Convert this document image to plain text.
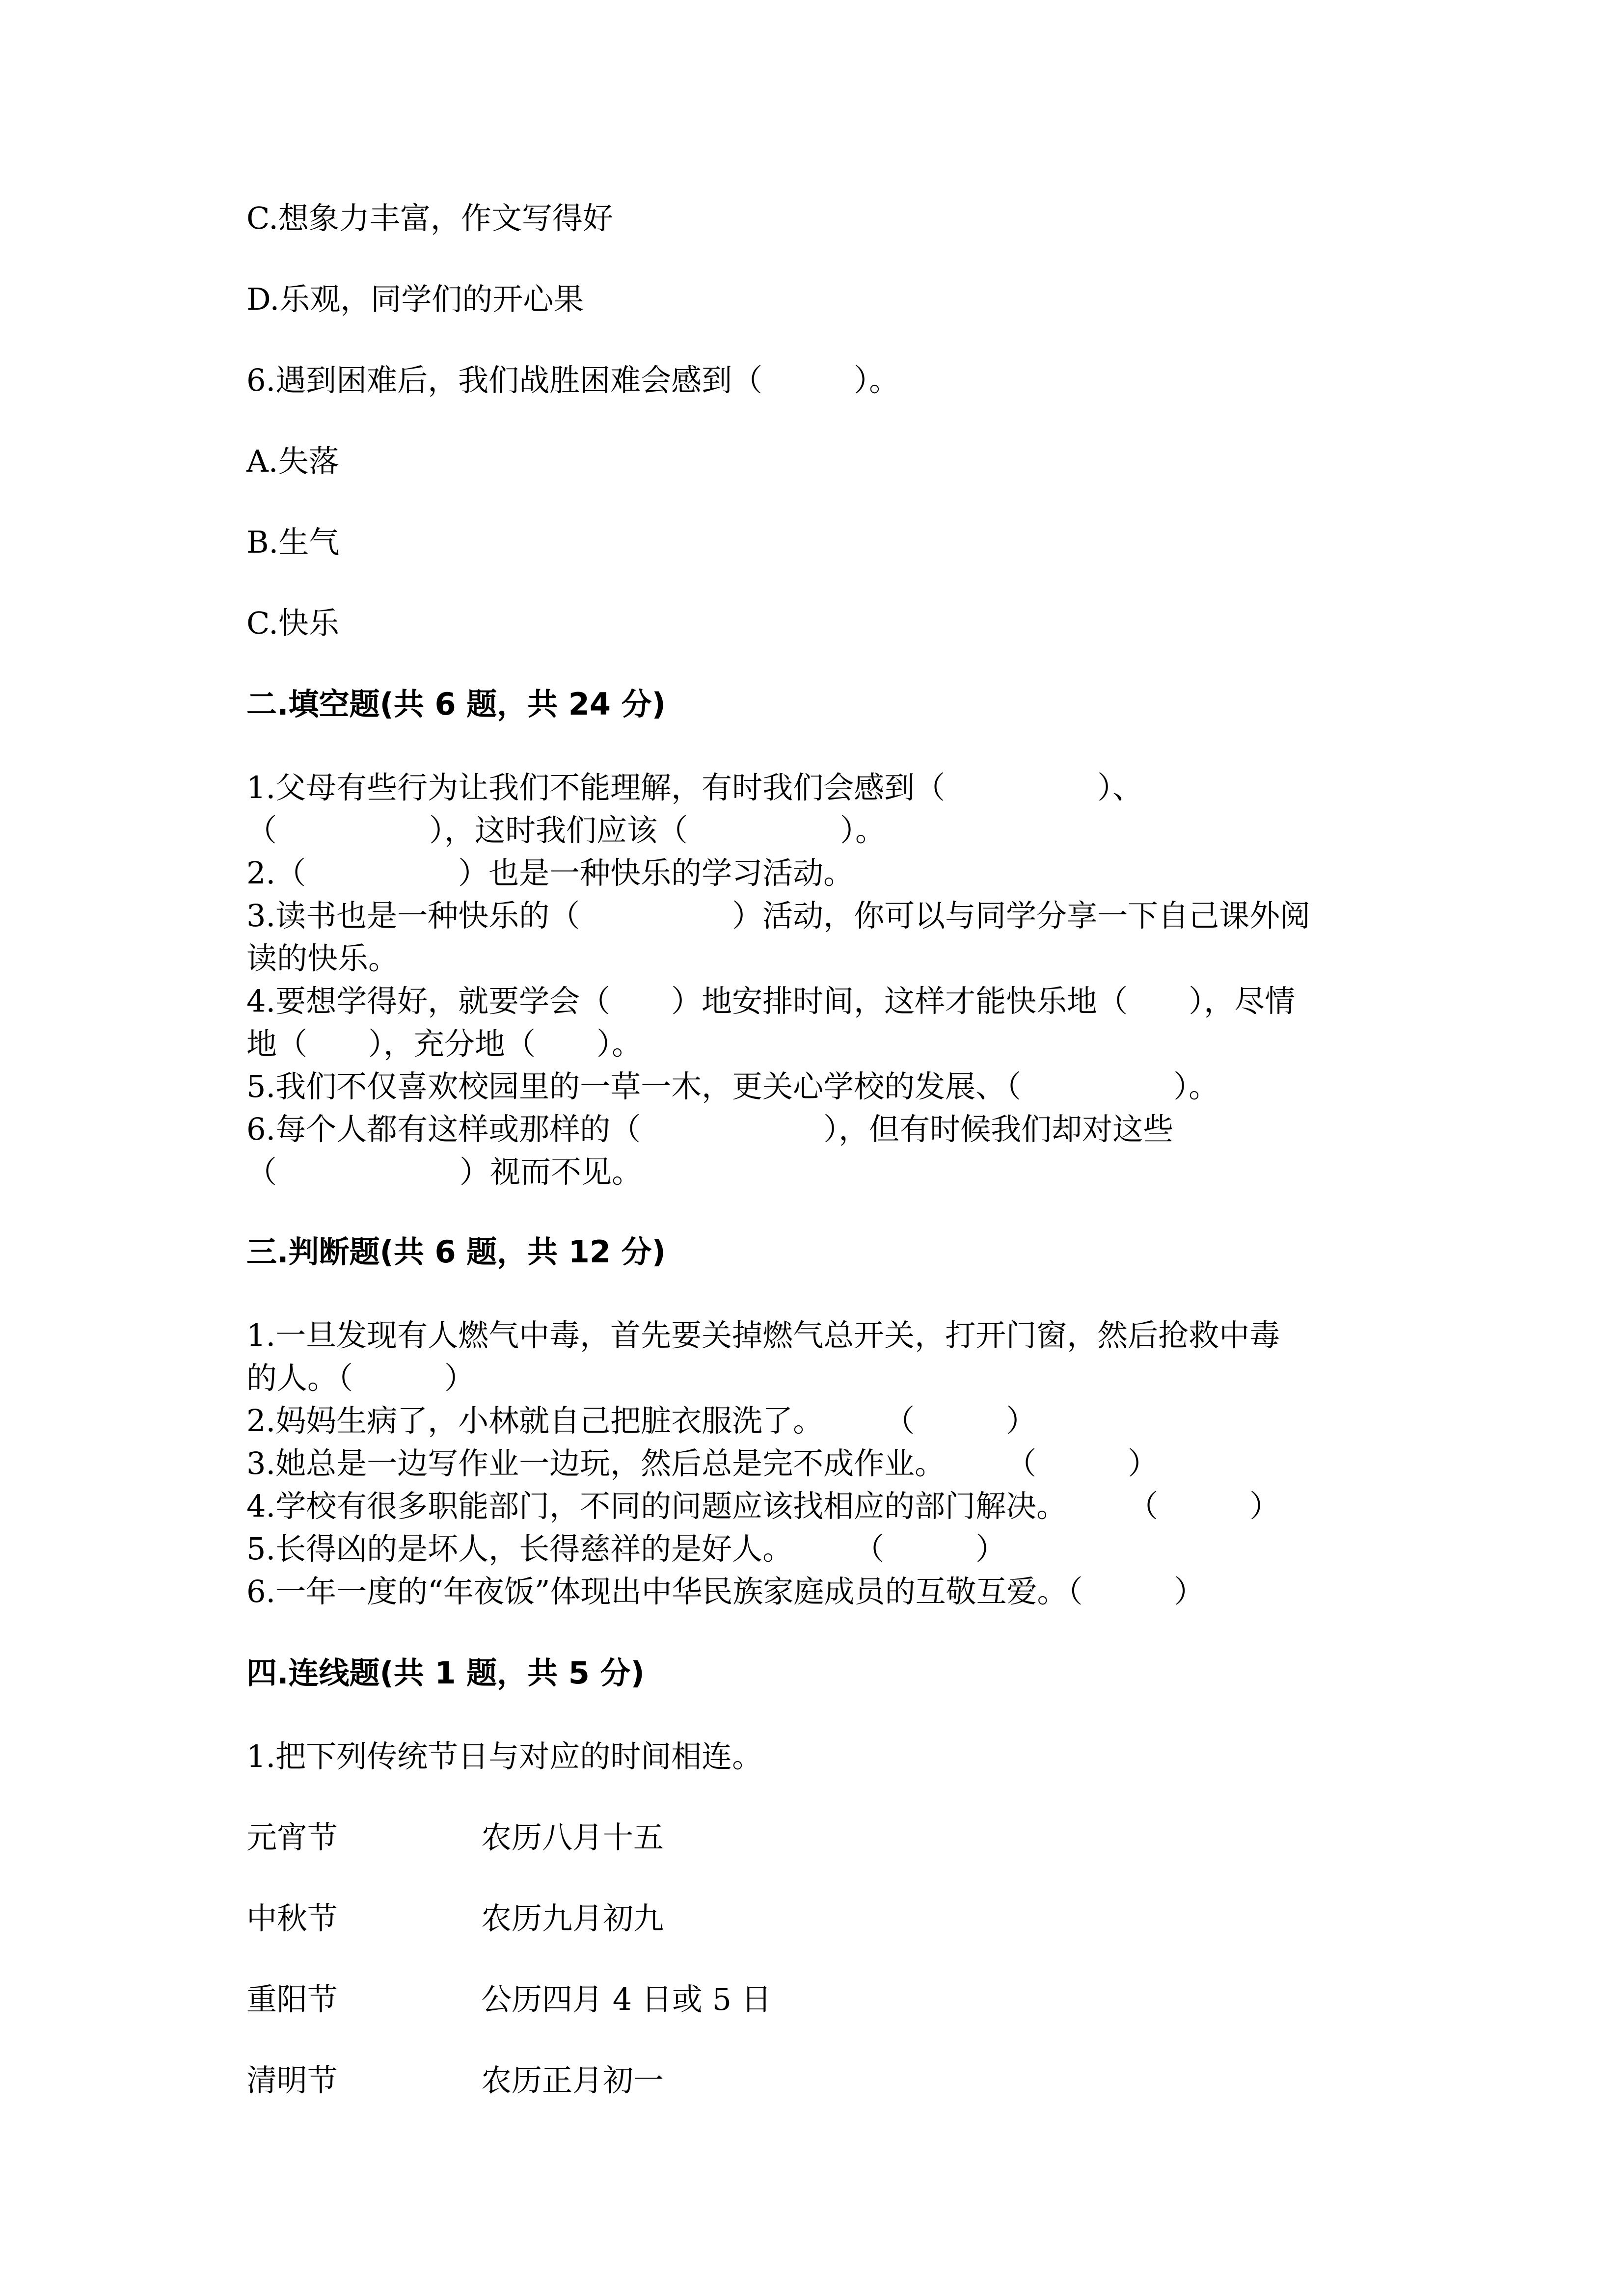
C.想象力丰富，作文写得好
D.乐观，同学们的开心果
6.遇到困难后，我们战胜困难会感到（　　　）。
A.失落
B.生气
C.快乐
二.填空题(共 6 题，共 24 分)
1.父母有些行为让我们不能理解，有时我们会感到（　　　　　）、
（　　　　　），这时我们应该（　　　　　）。
2.（　　　　　）也是一种快乐的学习活动。
3.读书也是一种快乐的（　　　　　）活动，你可以与同学分享一下自己课外阅
读的快乐。
4.要想学得好，就要学会（　　）地安排时间，这样才能快乐地（　　），尽情
地（　　），充分地（　　）。
5.我们不仅喜欢校园里的一草一木，更关心学校的发展、（　　　　　）。
6.每个人都有这样或那样的（　　　　　　），但有时候我们却对这些
（　　　　　　）视而不见。
三.判断题(共 6 题，共 12 分)
1.一旦发现有人燃气中毒，首先要关掉燃气总开关，打开门窗，然后抢救中毒
的人。（　　　）
2.妈妈生病了，小林就自己把脏衣服洗了。　　　（　　　）
3.她总是一边写作业一边玩，然后总是完不成作业。　　　（　　　）
4.学校有很多职能部门，不同的问题应该找相应的部门解决。　　　（　　　）
5.长得凶的是坏人，长得慈祥的是好人。　　　（　　　）
6.一年一度的“年夜饭”体现出中华民族家庭成员的互敬互爱。（　　　）
四.连线题(共 1 题，共 5 分)
1.把下列传统节日与对应的时间相连。
元宵节	农历八月十五
中秋节	农历九月初九
重阳节	公历四月 4 日或 5 日
清明节	农历正月初一
